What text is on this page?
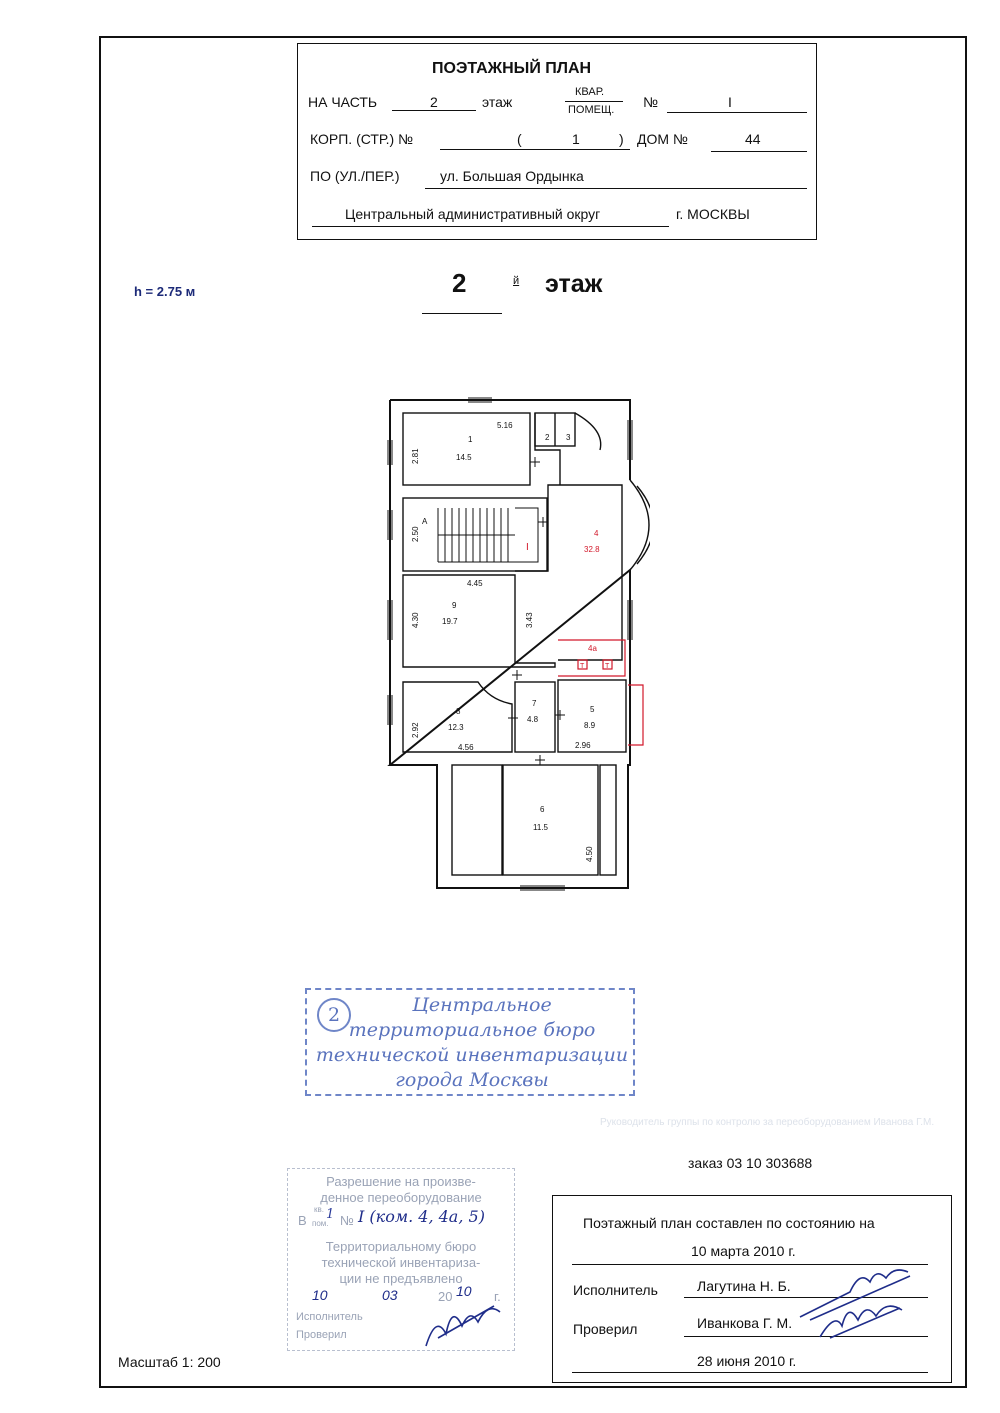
ПОЭТАЖНЫЙ ПЛАН
НА ЧАСТЬ	2	этаж
КВАР.
ПОМЕЩ. №	I
КОРП. (СТР.) №	(	1	) ДОМ №	44
ПО (УЛ./ПЕР.)	ул. Большая Ордынка
Центральный административный округ	г. МОСКВЫ
h = 2.75 м	2	й этаж
1
14.5
2 3
4
32.8
4а
5
8.9
6
11.5
7
4.8
8
12.3
9
19.7
5.16
2.81
2.50
4.45
4.30	3.43
2.92
4.56	2.96
4.50
А
I
Т	Т
2	Центральное
территориальное бюро
технической инвентаризации
города Москвы
Руководитель группы по контролю за переоборудованием Иванова Г.М.
заказ 03 10 303688
Разрешение на произве-
денное переоборудование
В
кв.
пом.
1 № I (ком. 4, 4а, 5)
Территориальному бюро
технической инвентариза-
ции не предъявлено
10	03	20 10 г.
Исполнитель
Проверил
Поэтажный план составлен по состоянию на
10 марта 2010 г.
Исполнитель	Лагутина Н. Б.
Проверил	Иванкова Г. М.
28 июня 2010 г.
Масштаб 1: 200
